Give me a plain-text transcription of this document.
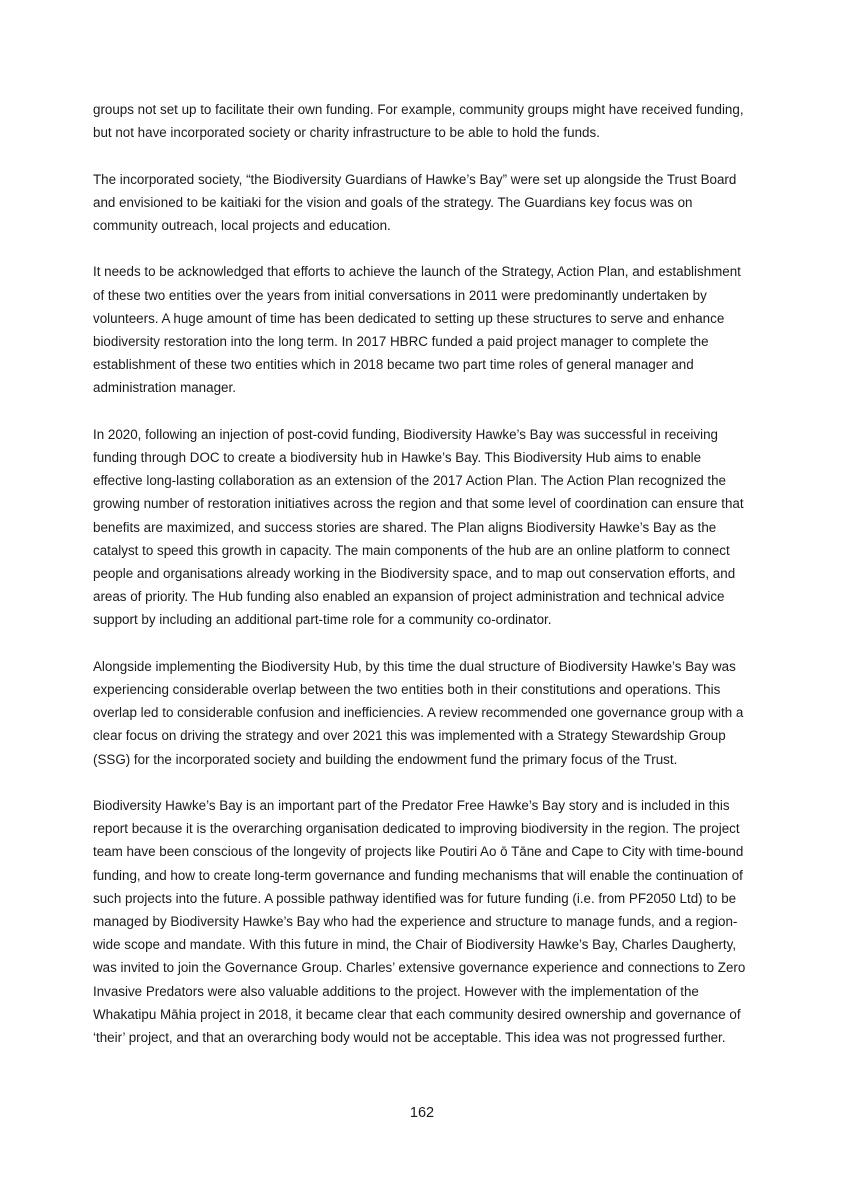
groups not set up to facilitate their own funding. For example, community groups might have received funding, but not have incorporated society or charity infrastructure to be able to hold the funds.

The incorporated society, “the Biodiversity Guardians of Hawke’s Bay” were set up alongside the Trust Board and envisioned to be kaitiaki for the vision and goals of the strategy. The Guardians key focus was on community outreach, local projects and education.

It needs to be acknowledged that efforts to achieve the launch of the Strategy, Action Plan, and establishment of these two entities over the years from initial conversations in 2011 were predominantly undertaken by volunteers. A huge amount of time has been dedicated to setting up these structures to serve and enhance biodiversity restoration into the long term. In 2017 HBRC funded a paid project manager to complete the establishment of these two entities which in 2018 became two part time roles of general manager and administration manager.

In 2020, following an injection of post-covid funding, Biodiversity Hawke’s Bay was successful in receiving funding through DOC to create a biodiversity hub in Hawke’s Bay. This Biodiversity Hub aims to enable effective long-lasting collaboration as an extension of the 2017 Action Plan. The Action Plan recognized the growing number of restoration initiatives across the region and that some level of coordination can ensure that benefits are maximized, and success stories are shared. The Plan aligns Biodiversity Hawke’s Bay as the catalyst to speed this growth in capacity. The main components of the hub are an online platform to connect people and organisations already working in the Biodiversity space, and to map out conservation efforts, and areas of priority. The Hub funding also enabled an expansion of project administration and technical advice support by including an additional part-time role for a community co-ordinator.

Alongside implementing the Biodiversity Hub, by this time the dual structure of Biodiversity Hawke’s Bay was experiencing considerable overlap between the two entities both in their constitutions and operations. This overlap led to considerable confusion and inefficiencies. A review recommended one governance group with a clear focus on driving the strategy and over 2021 this was implemented with a Strategy Stewardship Group (SSG) for the incorporated society and building the endowment fund the primary focus of the Trust.

Biodiversity Hawke’s Bay is an important part of the Predator Free Hawke’s Bay story and is included in this report because it is the overarching organisation dedicated to improving biodiversity in the region. The project team have been conscious of the longevity of projects like Poutiri Ao ō Tāne and Cape to City with time-bound funding, and how to create long-term governance and funding mechanisms that will enable the continuation of such projects into the future. A possible pathway identified was for future funding (i.e. from PF2050 Ltd) to be managed by Biodiversity Hawke’s Bay who had the experience and structure to manage funds, and a region-wide scope and mandate. With this future in mind, the Chair of Biodiversity Hawke’s Bay, Charles Daugherty, was invited to join the Governance Group. Charles’ extensive governance experience and connections to Zero Invasive Predators were also valuable additions to the project. However with the implementation of the Whakatipu Māhia project in 2018, it became clear that each community desired ownership and governance of ‘their’ project, and that an overarching body would not be acceptable. This idea was not progressed further.

162
